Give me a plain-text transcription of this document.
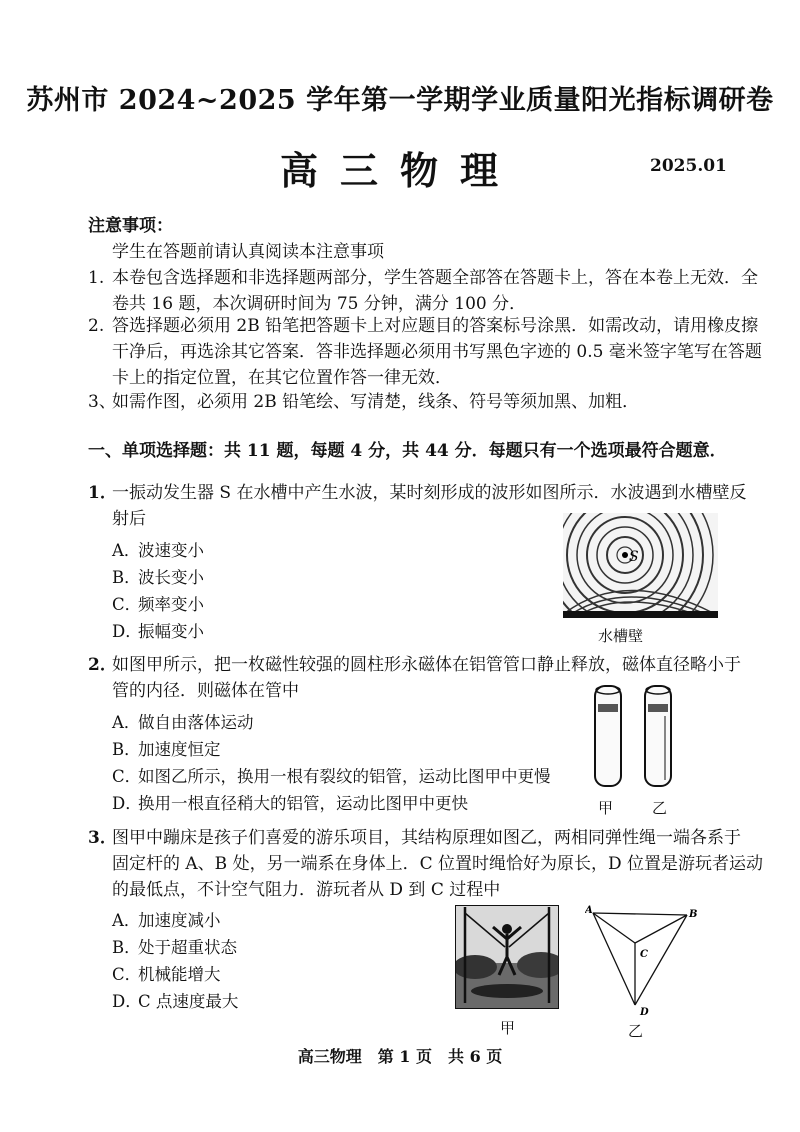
苏州市 2024~2025 学年第一学期学业质量阳光指标调研卷
高三物理	2025.01
注意事项：
学生在答题前请认真阅读本注意事项
1. 本卷包含选择题和非选择题两部分，学生答题全部答在答题卡上，答在本卷上无效．全
卷共 16 题，本次调研时间为 75 分钟，满分 100 分．
2. 答选择题必须用 2B 铅笔把答题卡上对应题目的答案标号涂黑．如需改动，请用橡皮擦
干净后，再选涂其它答案．答非选择题必须用书写黑色字迹的 0.5 毫米签字笔写在答题
卡上的指定位置，在其它位置作答一律无效．
3、
如需作图，必须用 2B 铅笔绘、写清楚，线条、符号等须加黑、加粗．
一、单项选择题：共 11 题，每题 4 分，共 44 分．每题只有一个选项最符合题意．
1．
一振动发生器 S 在水槽中产生水波，某时刻形成的波形如图所示．水波遇到水槽壁反
射后
A．波速变小
B．波长变小
C．频率变小
D．振幅变小
S
水槽壁
2．
如图甲所示，把一枚磁性较强的圆柱形永磁体在铝管管口静止释放，磁体直径略小于
管的内径．则磁体在管中
A．做自由落体运动
B．加速度恒定
C．如图乙所示，换用一根有裂纹的铝管，运动比图甲中更慢
D．换用一根直径稍大的铝管，运动比图甲中更快	甲	乙
3．
图甲中蹦床是孩子们喜爱的游乐项目，其结构原理如图乙，两相同弹性绳一端各系于
固定杆的 A、B 处，另一端系在身体上．C 位置时绳恰好为原长，D 位置是游玩者运动
的最低点，不计空气阻力．游玩者从 D 到 C 过程中
A．加速度减小
B．处于超重状态
C．机械能增大
D．C 点速度最大
甲
A	B
C
D
乙
高三物理　第 1 页　共 6 页
